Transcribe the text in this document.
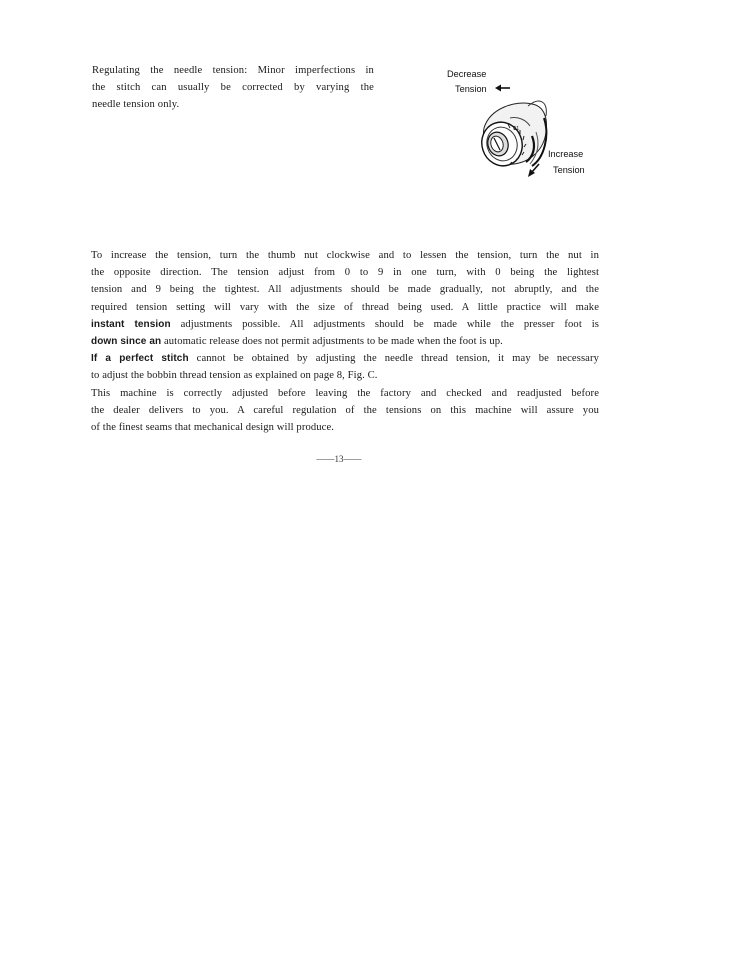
Regulating the needle tension: Minor imperfections in
the stitch can usually be corrected by varying the
needle tension only.
01
Decrease
Tension
Increase
Tension
To increase the tension, turn the thumb nut clockwise and to lessen the tension, turn the nut in
the opposite direction. The tension adjust from 0 to 9 in one turn, with 0 being the lightest
tension and 9 being the tightest. All adjustments should be made gradually, not abruptly, and the
required tension setting will vary with the size of thread being used. A little practice will make
instant tension adjustments possible. All adjustments should be made while the presser foot is
down since an automatic release does not permit adjustments to be made when the foot is up.
If a perfect stitch cannot be obtained by adjusting the needle thread tension, it may be necessary
to adjust the bobbin thread tension as explained on page 8, Fig. C.
This machine is correctly adjusted before leaving the factory and checked and readjusted before
the dealer delivers to you. A careful regulation of the tensions on this machine will assure you
of the finest seams that mechanical design will produce.
——13——
